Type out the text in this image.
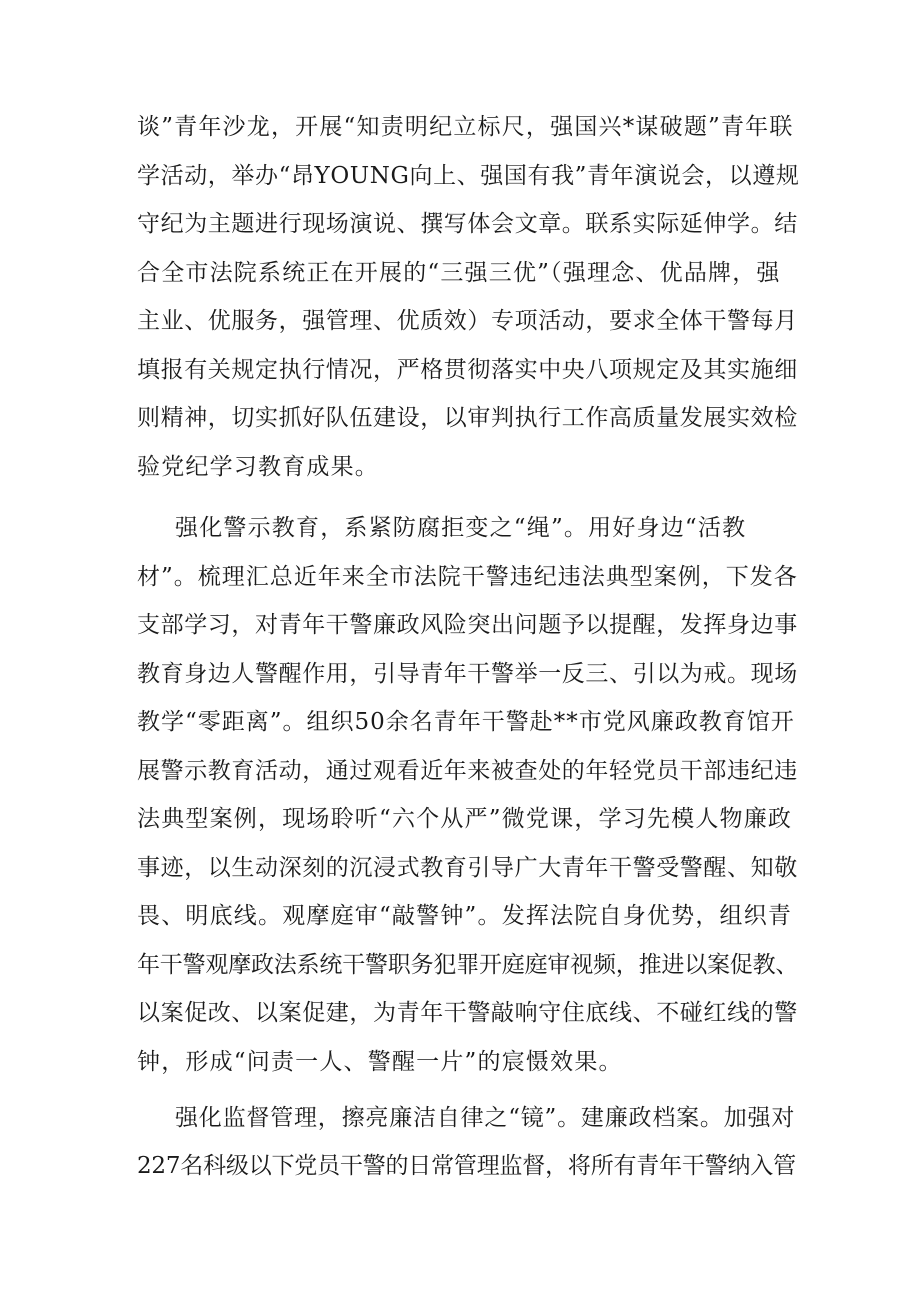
谈”青年沙龙，开展“知责明纪立标尺，强国兴*谋破题”青年联
学活动，举办“昂YOUNG向上、强国有我”青年演说会，以遵规
守纪为主题进行现场演说、撰写体会文章。联系实际延伸学。结
合全市法院系统正在开展的“三强三优”（强理念、优品牌，强
主业、优服务，强管理、优质效）专项活动，要求全体干警每月
填报有关规定执行情况，严格贯彻落实中央八项规定及其实施细
则精神，切实抓好队伍建设，以审判执行工作高质量发展实效检
验党纪学习教育成果。
强化警示教育，系紧防腐拒变之“绳”。用好身边“活教
材”。梳理汇总近年来全市法院干警违纪违法典型案例，下发各
支部学习，对青年干警廉政风险突出问题予以提醒，发挥身边事
教育身边人警醒作用，引导青年干警举一反三、引以为戒。现场
教学“零距离”。组织50余名青年干警赴**市党风廉政教育馆开
展警示教育活动，通过观看近年来被查处的年轻党员干部违纪违
法典型案例，现场聆听“六个从严”微党课，学习先模人物廉政
事迹，以生动深刻的沉浸式教育引导广大青年干警受警醒、知敬
畏、明底线。观摩庭审“敲警钟”。发挥法院自身优势，组织青
年干警观摩政法系统干警职务犯罪开庭庭审视频，推进以案促教、
以案促改、以案促建，为青年干警敲响守住底线、不碰红线的警
钟，形成“问责一人、警醒一片”的宸慑效果。
强化监督管理，擦亮廉洁自律之“镜”。建廉政档案。加强对
227名科级以下党员干警的日常管理监督，将所有青年干警纳入管
